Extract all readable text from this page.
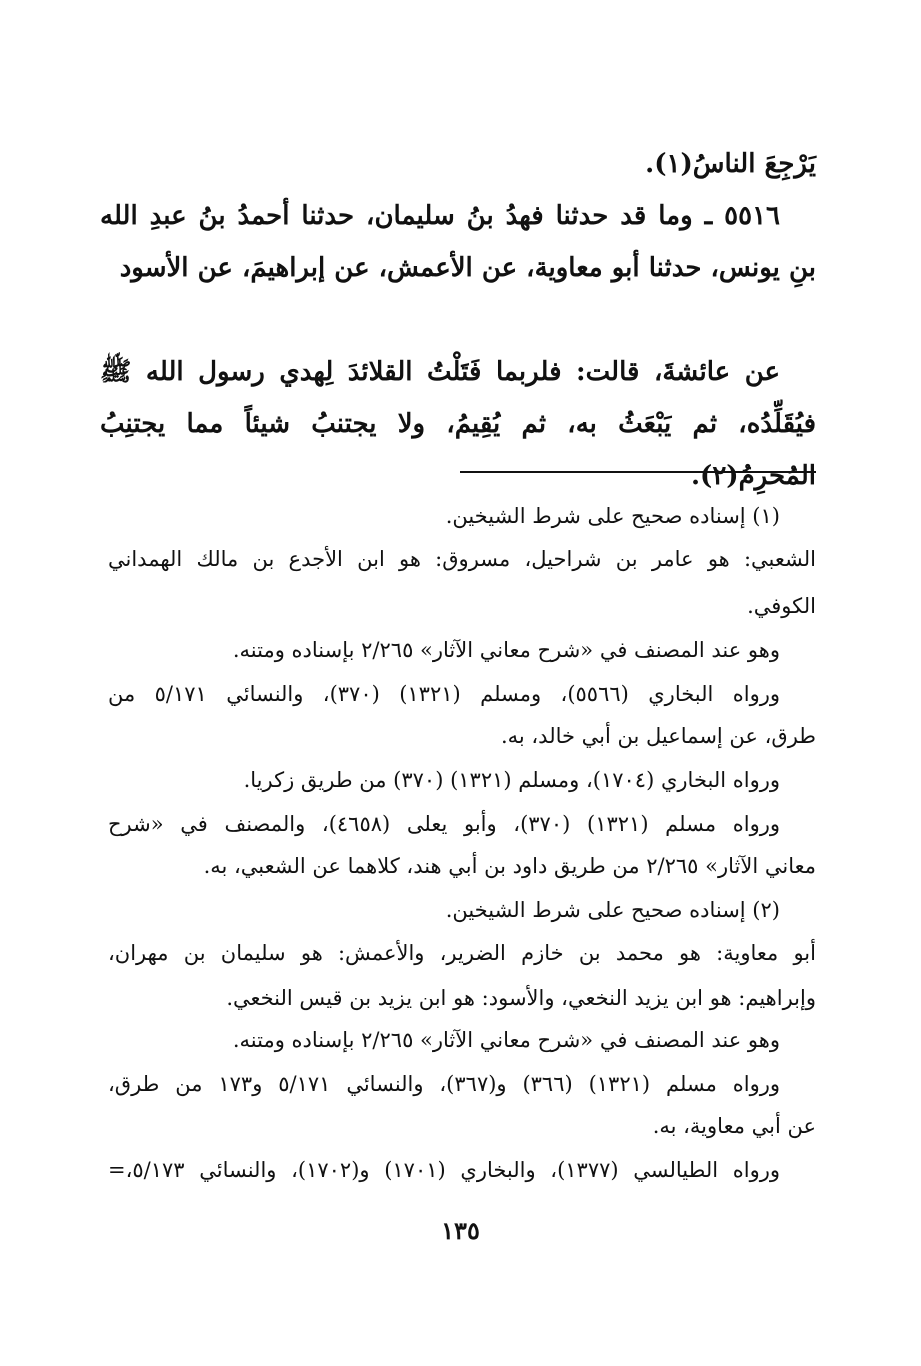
يَرْجِعَ الناسُ(١).

٥٥١٦ ـ وما قد حدثنا فهدُ بنُ سليمان، حدثنا أحمدُ بنُ عبدِ الله بنِ يونس، حدثنا أبو معاوية، عن الأعمش، عن إبراهيمَ، عن الأسود

عن عائشةَ، قالت: فلربما فَتَلْتُ القلائدَ لِهدي رسول الله ﷺ فيُقَلِّدُه، ثم يَبْعَثُ به، ثم يُقِيمُ، ولا يجتنبُ شيئاً مما يجتنِبُ المُحرِمُ(٢).

(١) إسناده صحيح على شرط الشيخين.

الشعبي: هو عامر بن شراحيل، مسروق: هو ابن الأجدع بن مالك الهمداني

الكوفي.

وهو عند المصنف في «شرح معاني الآثار» ٢/٢٦٥ بإسناده ومتنه.

ورواه البخاري (٥٥٦٦)، ومسلم (١٣٢١) (٣٧٠)، والنسائي ٥/١٧١ من

طرق، عن إسماعيل بن أبي خالد، به.

ورواه البخاري (١٧٠٤)، ومسلم (١٣٢١) (٣٧٠) من طريق زكريا.

ورواه مسلم (١٣٢١) (٣٧٠)، وأبو يعلى (٤٦٥٨)، والمصنف في «شرح

معاني الآثار» ٢/٢٦٥ من طريق داود بن أبي هند، كلاهما عن الشعبي، به.

(٢) إسناده صحيح على شرط الشيخين.

أبو معاوية: هو محمد بن خازم الضرير، والأعمش: هو سليمان بن مهران،

وإبراهيم: هو ابن يزيد النخعي، والأسود: هو ابن يزيد بن قيس النخعي.

وهو عند المصنف في «شرح معاني الآثار» ٢/٢٦٥ بإسناده ومتنه.

ورواه مسلم (١٣٢١) (٣٦٦) و(٣٦٧)، والنسائي ٥/١٧١ و١٧٣ من طرق،

عن أبي معاوية، به.

ورواه الطيالسي (١٣٧٧)، والبخاري (١٧٠١) و(١٧٠٢)، والنسائي ٥/١٧٣،=

١٣٥
